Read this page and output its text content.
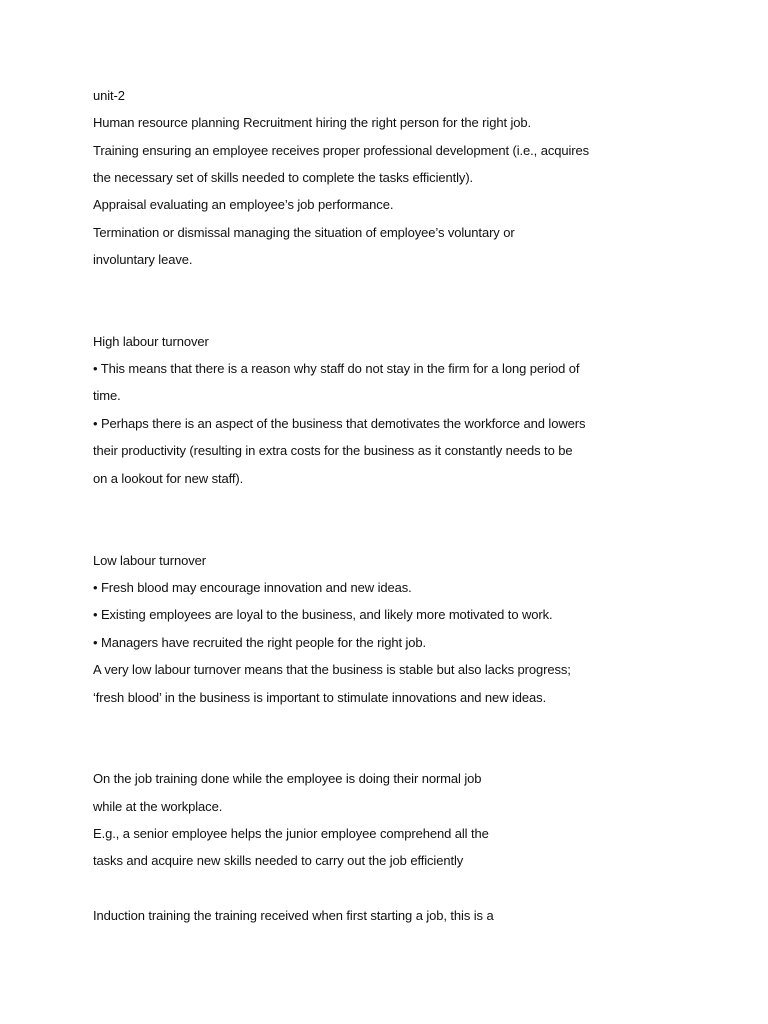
unit-2
Human resource planning Recruitment hiring the right person for the right job.
Training ensuring an employee receives proper professional development (i.e., acquires
the necessary set of skills needed to complete the tasks efficiently).
Appraisal evaluating an employee’s job performance.
Termination or dismissal managing the situation of employee’s voluntary or
involuntary leave.
High labour turnover
• This means that there is a reason why staff do not stay in the firm for a long period of
time.
• Perhaps there is an aspect of the business that demotivates the workforce and lowers
their productivity (resulting in extra costs for the business as it constantly needs to be
on a lookout for new staff).
Low labour turnover
• Fresh blood may encourage innovation and new ideas.
• Existing employees are loyal to the business, and likely more motivated to work.
• Managers have recruited the right people for the right job.
A very low labour turnover means that the business is stable but also lacks progress;
‘fresh blood’ in the business is important to stimulate innovations and new ideas.
On the job training done while the employee is doing their normal job
while at the workplace.
E.g., a senior employee helps the junior employee comprehend all the
tasks and acquire new skills needed to carry out the job efficiently
Induction training the training received when first starting a job, this is a
